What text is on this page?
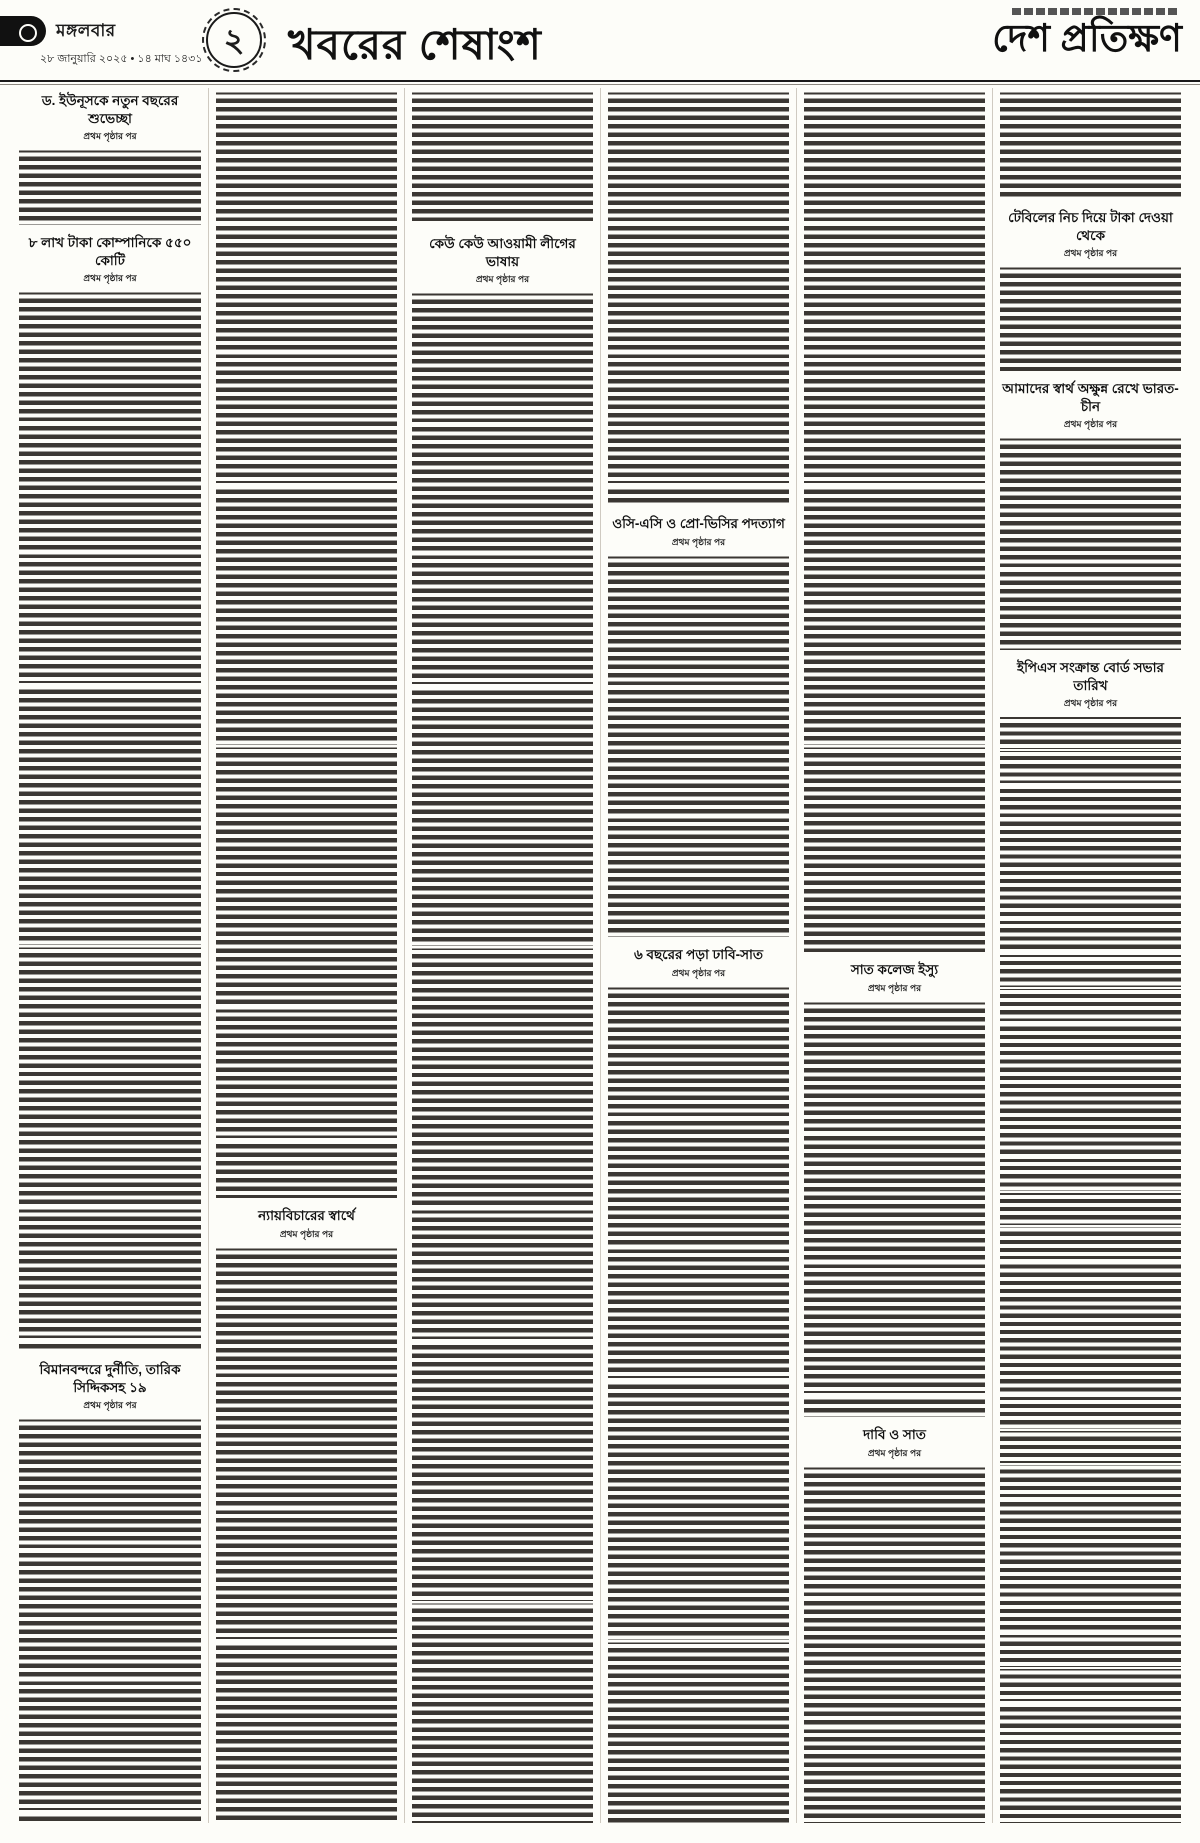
মঙ্গলবার
২৮ জানুয়ারি ২০২৫ • ১৪ মাঘ ১৪৩১
২ খবরের শেষাংশ	দেশ প্রতিক্ষণ
ড. ইউনূসকে নতুন বছরের শুভেচ্ছা
প্রথম পৃষ্ঠার পর
৮ লাখ টাকা কোম্পানিকে ৫৫০ কোটি
প্রথম পৃষ্ঠার পর
বিমানবন্দরে দুর্নীতি, তারিক সিদ্দিকসহ ১৯
প্রথম পৃষ্ঠার পর
ন্যায়বিচারের স্বার্থে
প্রথম পৃষ্ঠার পর
কেউ কেউ আওয়ামী লীগের ভাষায়
প্রথম পৃষ্ঠার পর
ওসি-এসি ও প্রো-ভিসির পদত্যাগ
প্রথম পৃষ্ঠার পর
৬ বছরের পড়া ঢাবি-সাত
প্রথম পৃষ্ঠার পর	সাত কলেজ ইস্যু
প্রথম পৃষ্ঠার পর
দাবি ও সাত
প্রথম পৃষ্ঠার পর
টেবিলের নিচ দিয়ে টাকা দেওয়া থেকে
প্রথম পৃষ্ঠার পর
আমাদের স্বার্থ অক্ষুন্ন রেখে ভারত-চীন
প্রথম পৃষ্ঠার পর
ইপিএস সংক্রান্ত বোর্ড সভার তারিখ
প্রথম পৃষ্ঠার পর
